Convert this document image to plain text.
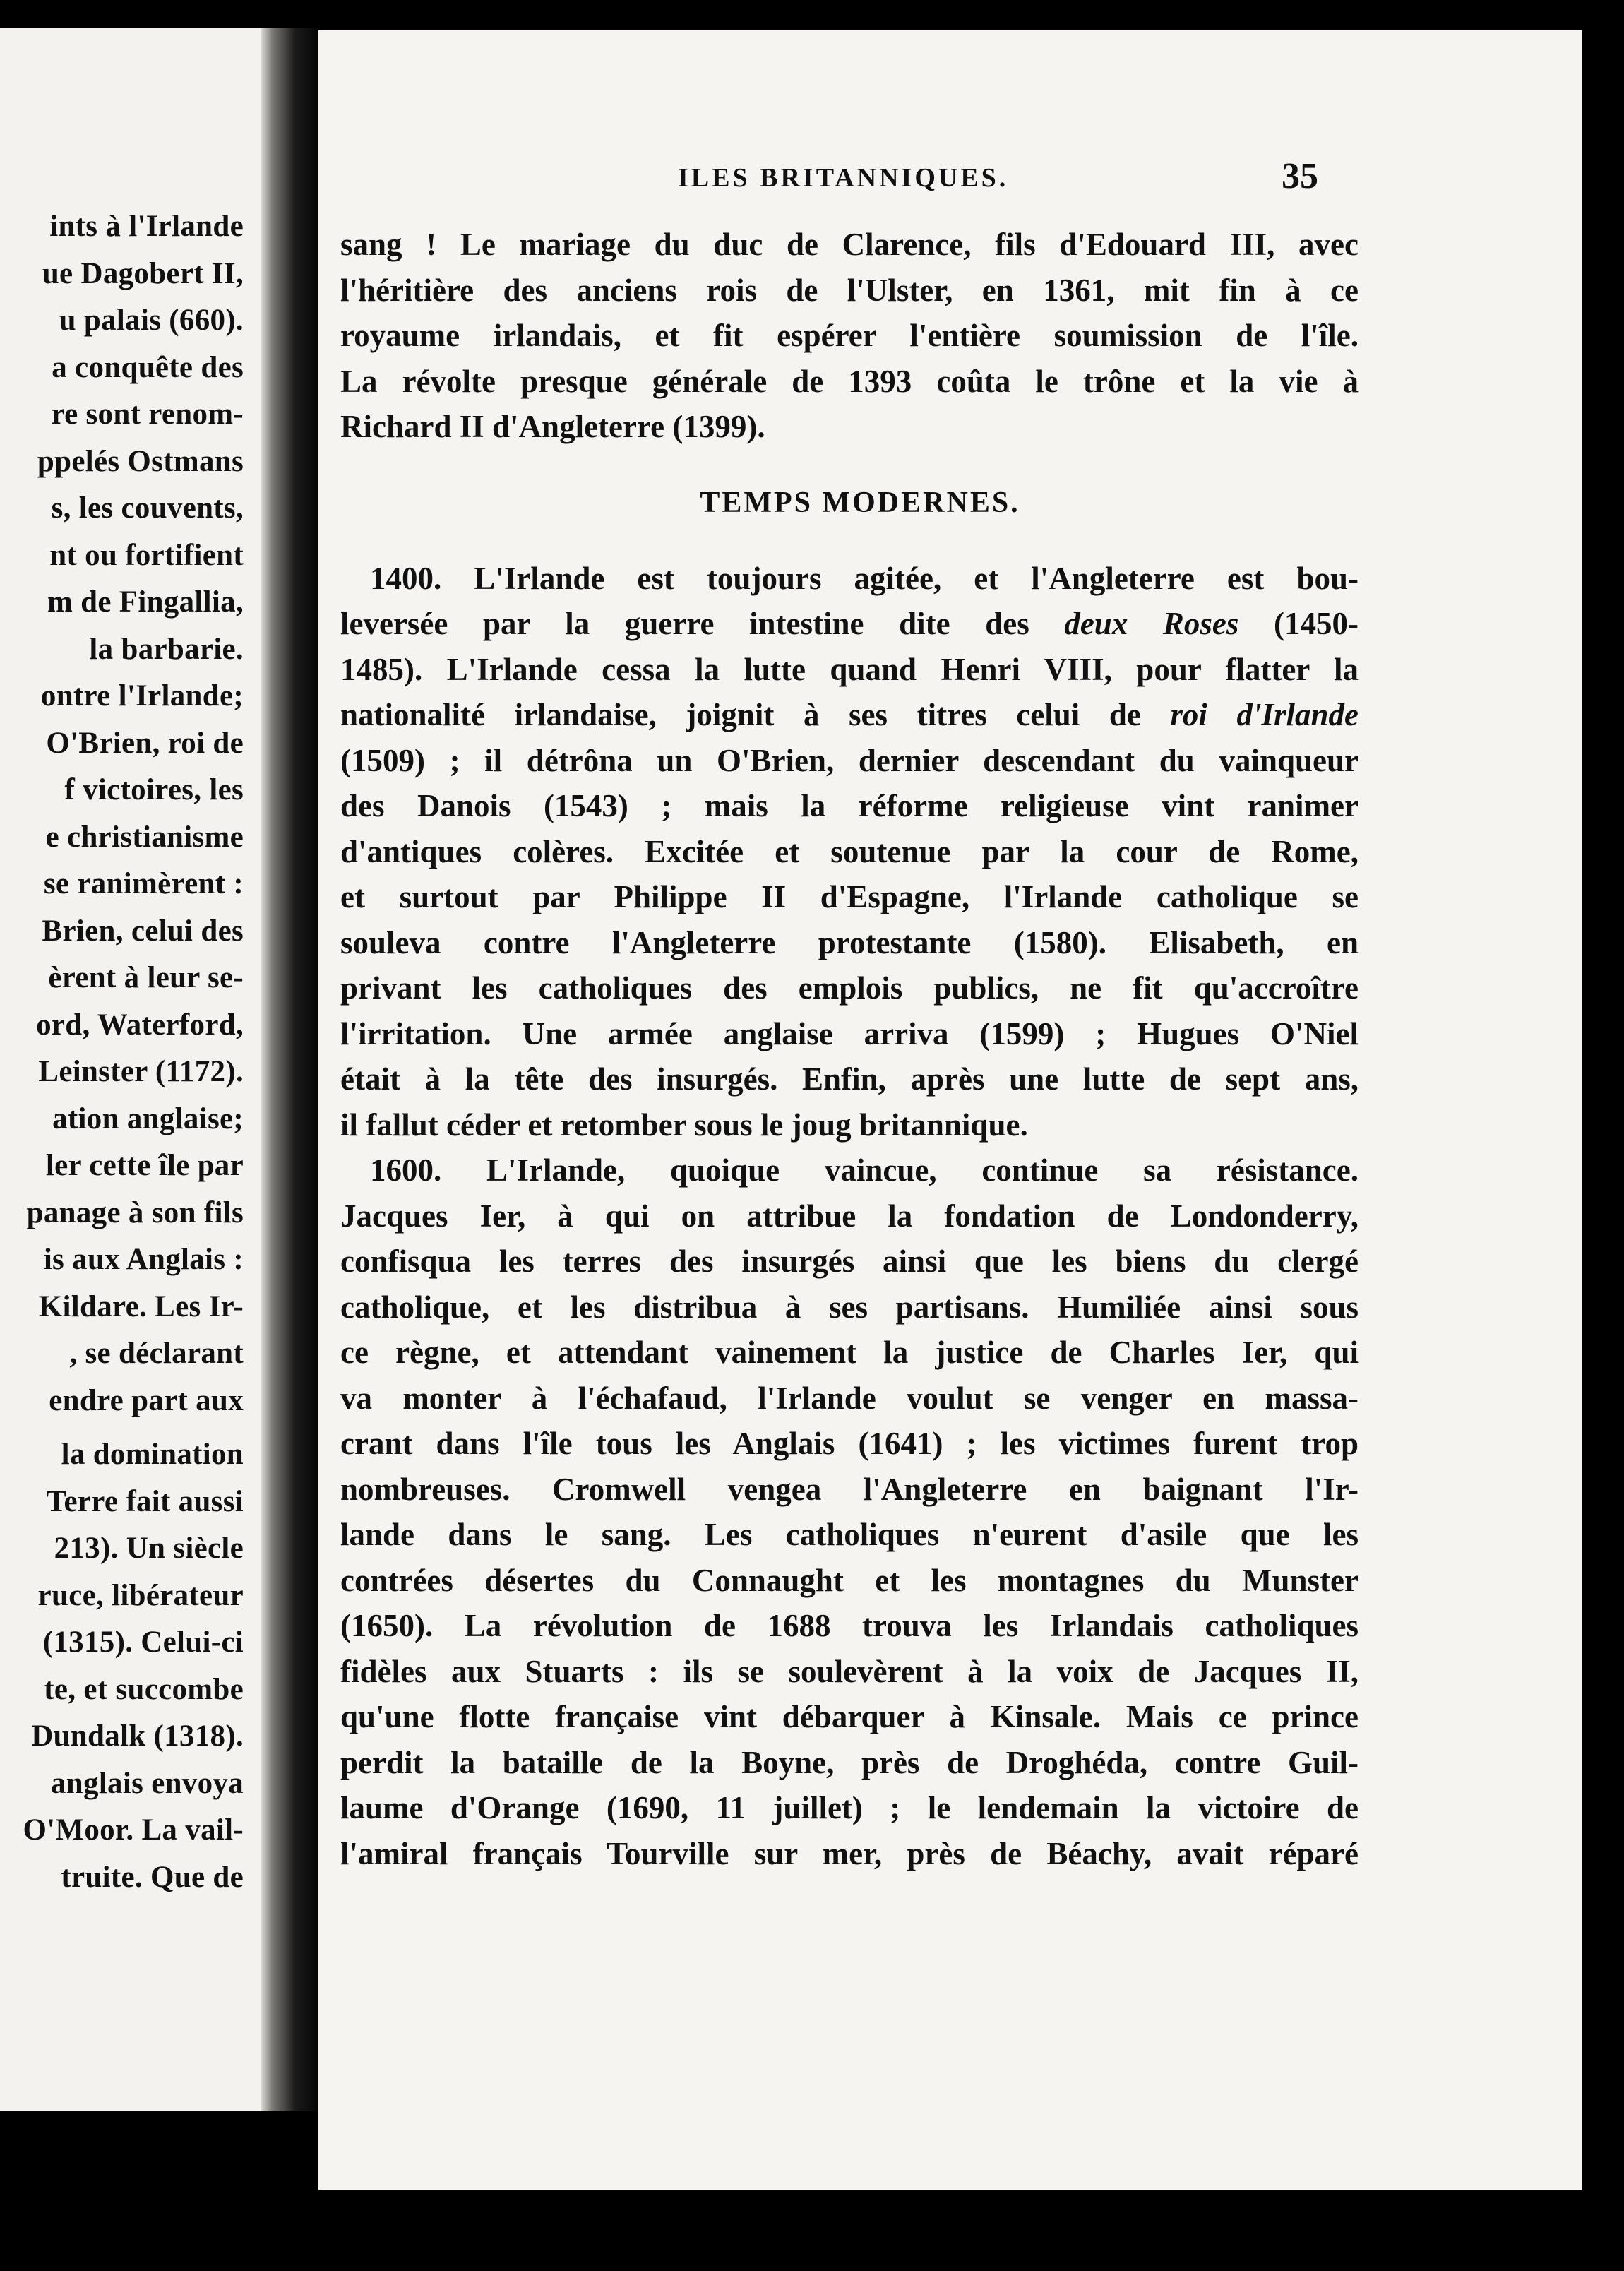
ints à l'Irlande
ue Dagobert II,
u palais (660).
a conquête des
re sont renom-
ppelés Ostmans
s, les couvents,
nt ou fortifient
m de Fingallia,
la barbarie.
ontre l'Irlande;
O'Brien, roi de
f victoires, les
e christianisme
se ranimèrent :
Brien, celui des
èrent à leur se-
ord, Waterford,
Leinster (1172).
ation anglaise;
ler cette île par
panage à son fils
is aux Anglais :
Kildare. Les Ir-
, se déclarant
endre part aux
la domination
Terre fait aussi
213). Un siècle
ruce, libérateur
(1315). Celui-ci
te, et succombe
Dundalk (1318).
anglais envoya
O'Moor. La vail-
truite. Que de
ILES BRITANNIQUES.	35
sang ! Le mariage du duc de Clarence, fils d'Edouard III, avec
l'héritière des anciens rois de l'Ulster, en 1361, mit fin à ce
royaume irlandais, et fit espérer l'entière soumission de l'île.
La révolte presque générale de 1393 coûta le trône et la vie à
Richard II d'Angleterre (1399).
TEMPS MODERNES.
1400. L'Irlande est toujours agitée, et l'Angleterre est bou-
leversée par la guerre intestine dite des deux Roses (1450-
1485). L'Irlande cessa la lutte quand Henri VIII, pour flatter la
nationalité irlandaise, joignit à ses titres celui de roi d'Irlande
(1509) ; il détrôna un O'Brien, dernier descendant du vainqueur
des Danois (1543) ; mais la réforme religieuse vint ranimer
d'antiques colères. Excitée et soutenue par la cour de Rome,
et surtout par Philippe II d'Espagne, l'Irlande catholique se
souleva contre l'Angleterre protestante (1580). Elisabeth, en
privant les catholiques des emplois publics, ne fit qu'accroître
l'irritation. Une armée anglaise arriva (1599) ; Hugues O'Niel
était à la tête des insurgés. Enfin, après une lutte de sept ans,
il fallut céder et retomber sous le joug britannique.
1600. L'Irlande, quoique vaincue, continue sa résistance.
Jacques Ier, à qui on attribue la fondation de Londonderry,
confisqua les terres des insurgés ainsi que les biens du clergé
catholique, et les distribua à ses partisans. Humiliée ainsi sous
ce règne, et attendant vainement la justice de Charles Ier, qui
va monter à l'échafaud, l'Irlande voulut se venger en massa-
crant dans l'île tous les Anglais (1641) ; les victimes furent trop
nombreuses. Cromwell vengea l'Angleterre en baignant l'Ir-
lande dans le sang. Les catholiques n'eurent d'asile que les
contrées désertes du Connaught et les montagnes du Munster
(1650). La révolution de 1688 trouva les Irlandais catholiques
fidèles aux Stuarts : ils se soulevèrent à la voix de Jacques II,
qu'une flotte française vint débarquer à Kinsale. Mais ce prince
perdit la bataille de la Boyne, près de Droghéda, contre Guil-
laume d'Orange (1690, 11 juillet) ; le lendemain la victoire de
l'amiral français Tourville sur mer, près de Béachy, avait réparé
